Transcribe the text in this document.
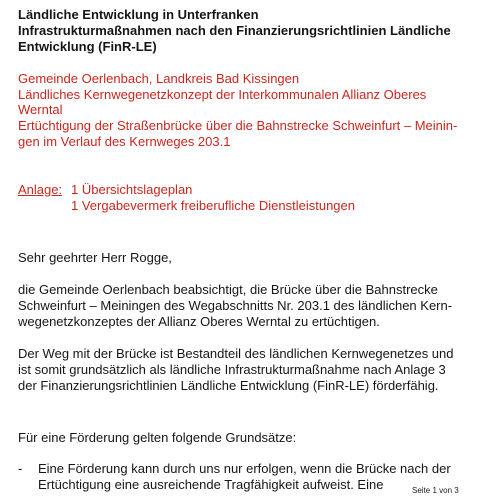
Ländliche Entwicklung in Unterfranken
Infrastrukturmaßnahmen nach den Finanzierungsrichtlinien Ländliche
Entwicklung (FinR-LE)
Gemeinde Oerlenbach, Landkreis Bad Kissingen
Ländliches Kernwegenetzkonzept der Interkommunalen Allianz Oberes
Werntal
Ertüchtigung der Straßenbrücke über die Bahnstrecke Schweinfurt – Meinin-
gen im Verlauf des Kernweges 203.1
Anlage: 1 Übersichtslageplan
1 Vergabevermerk freiberufliche Dienstleistungen
Sehr geehrter Herr Rogge,
die Gemeinde Oerlenbach beabsichtigt, die Brücke über die Bahnstrecke
Schweinfurt – Meiningen des Wegabschnitts Nr. 203.1 des ländlichen Kern-
wegenetzkonzeptes der Allianz Oberes Werntal zu ertüchtigen.
Der Weg mit der Brücke ist Bestandteil des ländlichen Kernwegenetzes und
ist somit grundsätzlich als ländliche Infrastrukturmaßnahme nach Anlage 3
der Finanzierungsrichtlinien Ländliche Entwicklung (FinR-LE) förderfähig.
Für eine Förderung gelten folgende Grundsätze:
- Eine Förderung kann durch uns nur erfolgen, wenn die Brücke nach der
Ertüchtigung eine ausreichende Tragfähigkeit aufweist. Eine	Seite 1 von 3
